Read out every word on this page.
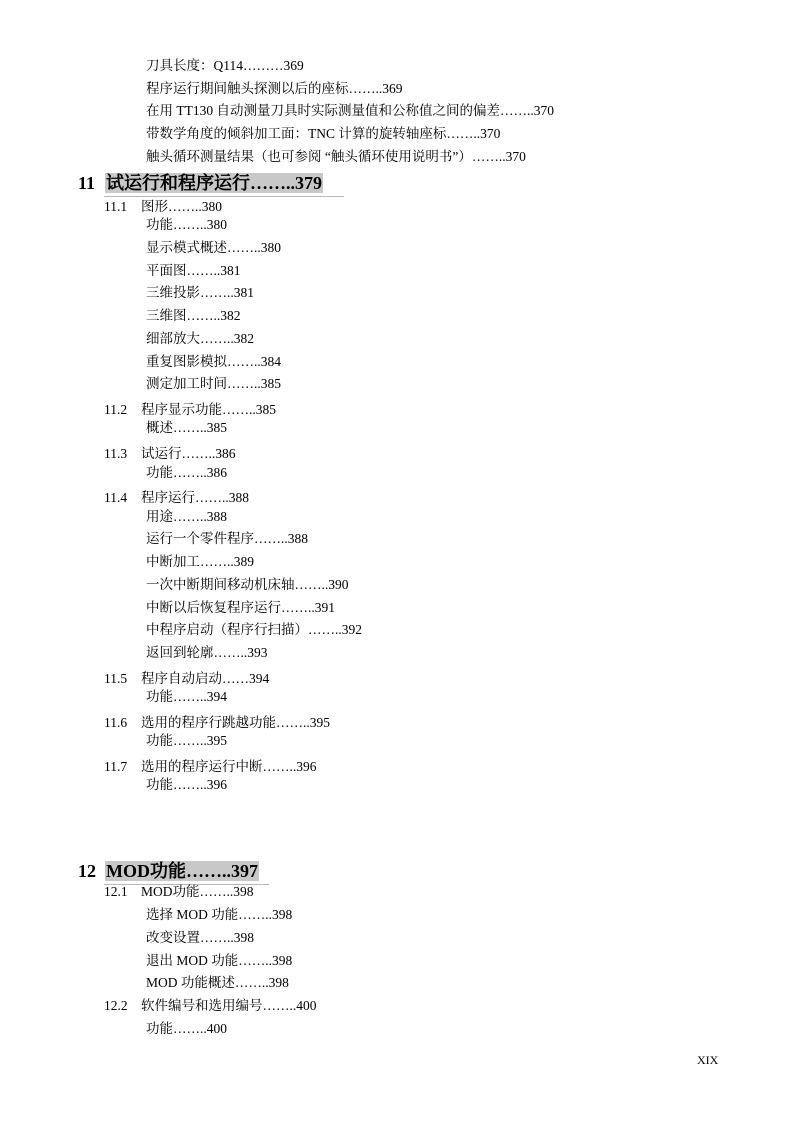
刀具长度：Q114………369
程序运行期间触头探测以后的座标……..369
在用 TT130 自动测量刀具时实际测量值和公称值之间的偏差……..370
带数学角度的倾斜加工面：TNC 计算的旋转轴座标……..370
触头循环测量结果（也可参阅 “触头循环使用说明书”）……..370
11 试运行和程序运行……..379
11.1 图形……..380
功能……..380
显示模式概述……..380
平面图……..381
三维投影……..381
三维图……..382
细部放大……..382
重复图影模拟……..384
测定加工时间……..385
11.2 程序显示功能……..385
概述……..385
11.3 试运行……..386
功能……..386
11.4 程序运行……..388
用途……..388
运行一个零件程序……..388
中断加工……..389
一次中断期间移动机床轴……..390
中断以后恢复程序运行……..391
中程序启动（程序行扫描）……..392
返回到轮廓……..393
11.5 程序自动启动……394
功能……..394
11.6 选用的程序行跳越功能……..395
功能……..395
11.7 选用的程序运行中断……..396
功能……..396
12 MOD功能……..397
12.1 MOD功能……..398
选择 MOD 功能……..398
改变设置……..398
退出 MOD 功能……..398
MOD 功能概述……..398
12.2 软件编号和选用编号……..400
功能……..400
XIX
